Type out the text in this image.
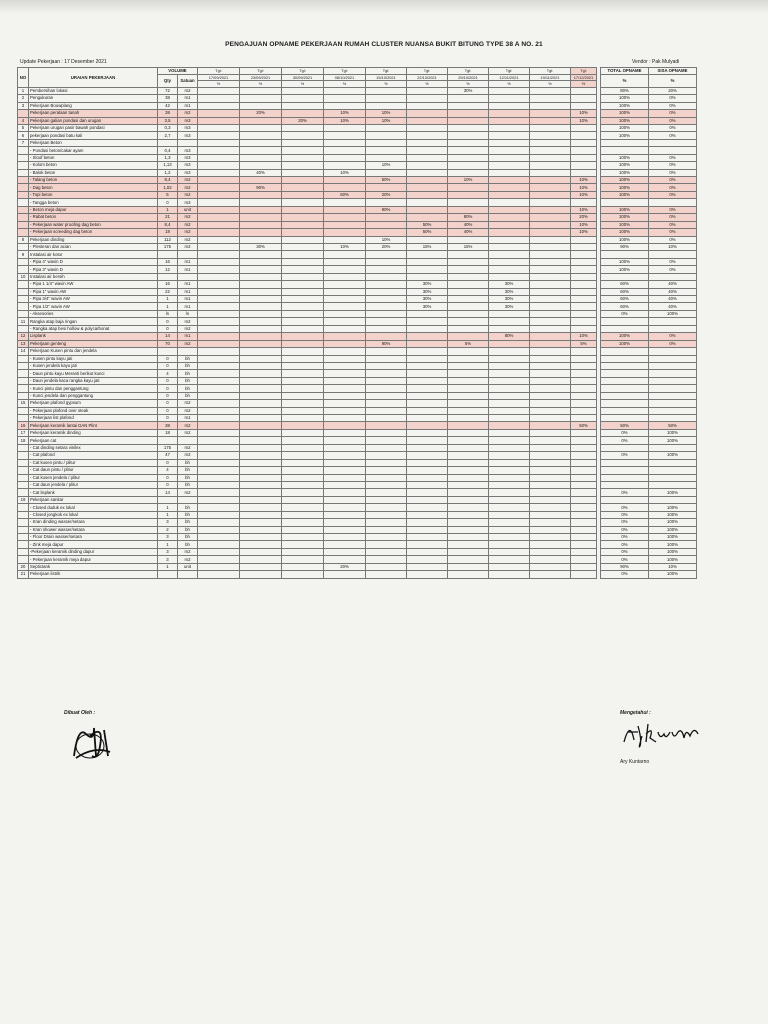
PENGAJUAN OPNAME PEKERJAAN RUMAH CLUSTER NUANSA BUKIT BITUNG TYPE 38 A NO. 21
Update Pekerjaan : 17 Desember 2021	Vendor : Pak Mulyadi
NO	URAIAN PEKERJAAN	VOLUME		Tgl:	Tgl:	Tgl:	Tgl:	Tgl:	Tgl:	Tgl:	Tgl:	Tgl:	Tgl:		TOTAL OPNAME	SISA OPNAME
		Qty	Satuan	17/09/2021	23/09/2021	30/09/2021	08/10/2021	15/10/2021	22/10/2021	29/10/2021	12/11/2021	19/11/2021	17/12/2021		%	%
				%	%	%	%	%	%	%	%	%	%			
1	Pembersihan lokasi	72	m2							30%					80%	20%
2	Pengukuran	38	m1												100%	0%
3	Pekerjaan Bouwplang	42	m1												100%	0%
	Pekerjaan peralaan tanah	38	m2		20%		10%	10%					10%		100%	0%
4	Pekerjaan galian pondasi dan urugan	3,5	m3			20%	10%	10%					10%		100%	0%
5	Pekerjaan urugan pasir bawah pondasi	0,3	m3												100%	0%
6	pekerjaan pondasi batu kali	2,7	m3												100%	0%
7	Pekerjaan Beton															
	- Pondasi beton/cakar ayam	0,4	m3													
	- Sloof beton	1,3	m3												100%	0%
	- Kolom beton	1,13	m3					10%							100%	0%
	- Balok beton	1,2	m3		40%		10%								100%	0%
	- Talang beton	8,4	m2					50%		10%			10%		100%	0%
	- Dag beton	1,02	m2		90%								10%		100%	0%
	- Topi beton	5	m2				60%	20%					10%		100%	0%
	- Tangga beton	0	m3													
	- Beton meja dapur	1	unit					90%					10%		100%	0%
	- Rabat beton	21	m2							80%			20%		100%	0%
	- Pekerjaan water proofing dag beton	8,4	m2						50%	40%			10%		100%	0%
	- Pekerjaan screeding dag beton	18	m2						50%	40%			10%		100%	0%
8	Pekerjaan dinding	112	m2					10%							100%	0%
	- Plesteran dan acian	175	m2		30%		10%	20%	15%	15%					90%	10%
9	Instalasi air kotor															
	- Pipa 4" wavin D	16	m1												100%	0%
	- Pipa 3" wavin D	12	m1												100%	0%
10	Instalasi air bersih															
	- Pipa 1 1/4" wavin AW	16	m1						30%		30%				60%	40%
	- Pipa 1" wavin AW	22	m1						30%		30%				60%	40%
	- Pipa 3/4" wavin AW	1	m1						30%		30%				60%	40%
	- Pipa 1/2" wavin AW	1	m1						30%		30%				60%	40%
	- Aksesories	ls	ls												0%	100%
11	Rangka atap baja ringan	0	m2													
	- Rangka atap besi hollow & polycarbonat	0	m2													
12	Lisplank	14	m1								80%		10%		100%	0%
13	Pekerjaan genteng	70	m2					90%		5%			5%		100%	0%
14	Pekerjaan Kusen pintu dan jendela															
	- Kusen pintu kayu jati	0	bh													
	- Kusen jendela kayu jati	0	bh													
	- Daun pintu kayu Meranti berikut kunci	4	bh													
	- Daun jendela kaca rangka kayu jati	0	bh													
	- Kunci pintu dan penggantung	0	bh													
	- Kunci jendela dan penggantung	0	bh													
15	Pekerjaan plafond gypsum	0	m2													
	- Pekerjaan plafond over steak	0	m2													
	- Pekerjaan list plafond	0	m1													
16	Pekerjaan keramik lantai DAN Plint	38	m2										50%		50%	50%
17	Pekerjaan keramik dinding	18	m2												0%	100%
18	Pekerjaan cat														0%	100%
	- Cat dinding setara vinilex	175	m2													
	- Cat plafond	47	m2												0%	100%
	- Cat kusen pintu / plitur	0	bh													
	- Cat daun pintu / plitur	4	bh													
	- Cat kusen jendela / plitur	0	bh													
	- Cat daun jendela / plitur	0	bh													
	- Cat lisplank	14	m2												0%	100%
19	Pekerjaan sanitar															
	- Closed duduk ex lokal	1	bh												0%	100%
	- Closed jongkok ex lokal	1	bh												0%	100%
	- Kran dinding wasser/setara	3	bh												0%	100%
	- Kran shower wasser/setara	2	bh												0%	100%
	- Floor Drain wasser/setara	3	bh												0%	100%
	- Zink meja dapur	1	bh												0%	100%
	-Pekerjaan keramik dinding dapur	3	m2												0%	100%
	- Pekerjaan keramik meja dapur	3	m2												0%	100%
20	Septictank	1	unit				20%								90%	10%
21	Pekerjaan listrik														0%	100%
Dibuat Oleh :	Mengetahui :
Ary Kuntarno
